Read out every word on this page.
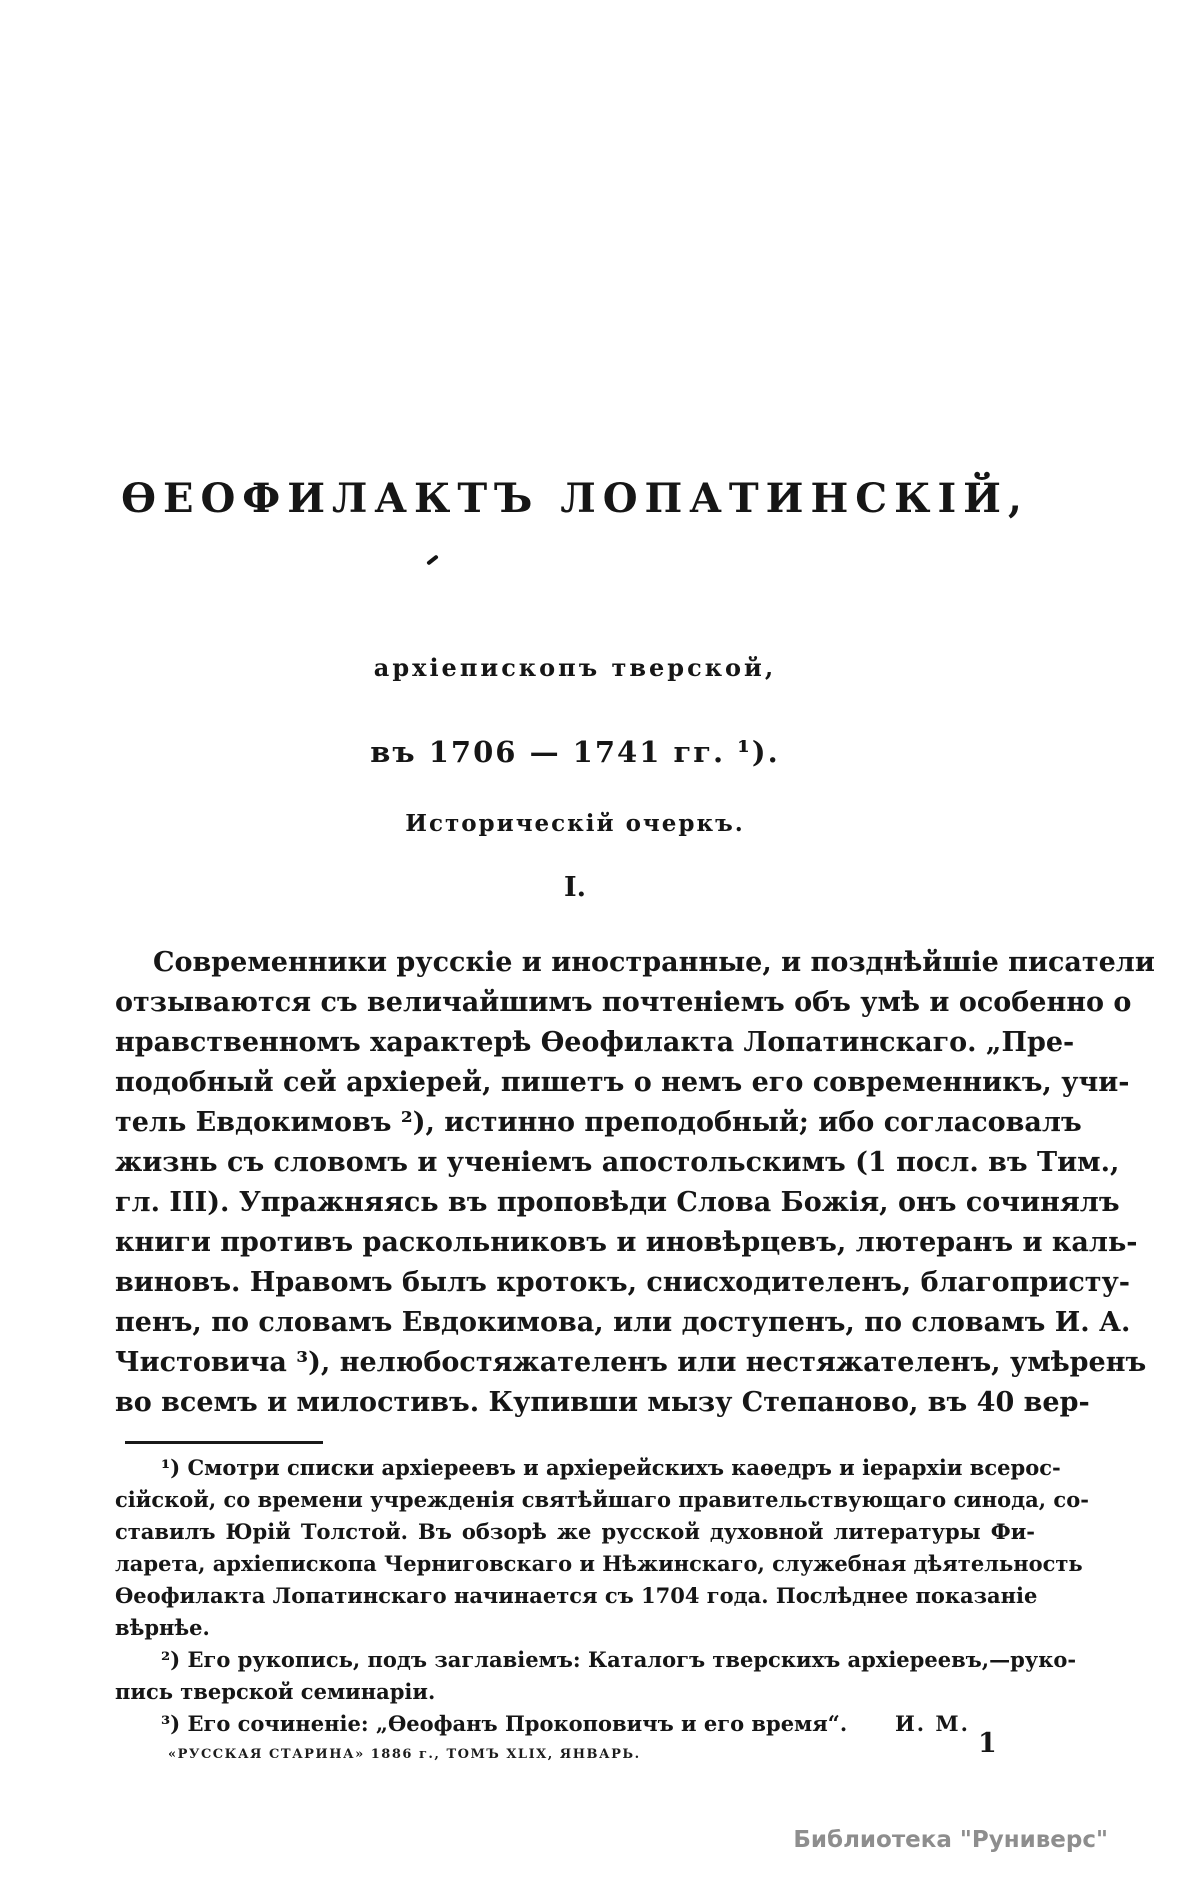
ѲЕОФИЛАКТЪ ЛОПАТИНСКІЙ,
архіепископъ тверской,
въ 1706 — 1741 гг. ¹).
Историческій очеркъ.
I.
Современники русскіе и иностранные, и позднѣйшіе писатели
отзываются съ величайшимъ почтеніемъ объ умѣ и особенно о
нравственномъ характерѣ Ѳеофилакта Лопатинскаго. „Пре-
подобный сей архіерей, пишетъ о немъ его современникъ, учи-
тель Евдокимовъ ²), истинно преподобный; ибо согласовалъ
жизнь съ словомъ и ученіемъ апостольскимъ (1 посл. въ Тим.,
гл. III). Упражняясь въ проповѣди Слова Божія, онъ сочинялъ
книги противъ раскольниковъ и иновѣрцевъ, лютеранъ и каль-
виновъ. Нравомъ былъ кротокъ, снисходителенъ, благопристу-
пенъ, по словамъ Евдокимова, или доступенъ, по словамъ И. А.
Чистовича ³), нелюбостяжателенъ или нестяжателенъ, умѣренъ
во всемъ и милостивъ. Купивши мызу Степаново, въ 40 вер-
¹) Смотри списки архіереевъ и архіерейскихъ каѳедръ и іерархіи всерос-
сійской, со времени учрежденія святѣйшаго правительствующаго синода, со-
ставилъ Юрій Толстой. Въ обзорѣ же русской духовной литературы Фи-
ларета, архіепископа Черниговскаго и Нѣжинскаго, служебная дѣятельность
Ѳеофилакта Лопатинскаго начинается съ 1704 года. Послѣднее показаніе
вѣрнѣе.
²) Его рукопись, подъ заглавіемъ: Каталогъ тверскихъ архіереевъ,—руко-
пись тверской семинаріи.
³) Его сочиненіе: „Ѳеофанъ Прокоповичъ и его время“. И. М.
«РУССКАЯ СТАРИНА» 1886 г., ТОМЪ XLIX, ЯНВАРЬ.	1
Библиотека "Руниверс"
